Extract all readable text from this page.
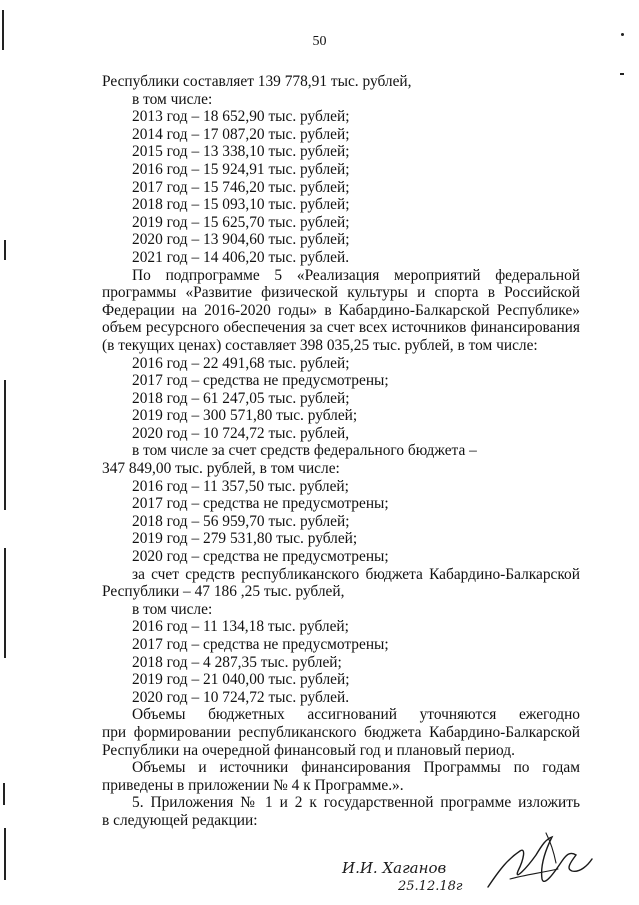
50
Республики составляет 139 778,91 тыс. рублей,
в том числе:
2013 год – 18 652,90 тыс. рублей;
2014 год – 17 087,20 тыс. рублей;
2015 год – 13 338,10 тыс. рублей;
2016 год – 15 924,91 тыс. рублей;
2017 год – 15 746,20 тыс. рублей;
2018 год – 15 093,10 тыс. рублей;
2019 год – 15 625,70 тыс. рублей;
2020 год – 13 904,60 тыс. рублей;
2021 год – 14 406,20 тыс. рублей.
По подпрограмме 5 «Реализация мероприятий федеральной
программы «Развитие физической культуры и спорта в Российской
Федерации на 2016-2020 годы» в Кабардино-Балкарской Республике»
объем ресурсного обеспечения за счет всех источников финансирования
(в текущих ценах) составляет 398 035,25 тыс. рублей, в том числе:
2016 год – 22 491,68 тыс. рублей;
2017 год – средства не предусмотрены;
2018 год – 61 247,05 тыс. рублей;
2019 год – 300 571,80 тыс. рублей;
2020 год – 10 724,72 тыс. рублей,
в том числе за счет средств федерального бюджета –
347 849,00 тыс. рублей, в том числе:
2016 год – 11 357,50 тыс. рублей;
2017 год – средства не предусмотрены;
2018 год – 56 959,70 тыс. рублей;
2019 год – 279 531,80 тыс. рублей;
2020 год – средства не предусмотрены;
за счет средств республиканского бюджета Кабардино-Балкарской
Республики – 47 186 ,25 тыс. рублей,
в том числе:
2016 год – 11 134,18 тыс. рублей;
2017 год – средства не предусмотрены;
2018 год – 4 287,35 тыс. рублей;
2019 год – 21 040,00 тыс. рублей;
2020 год – 10 724,72 тыс. рублей.
Объемы бюджетных ассигнований уточняются ежегодно
при формировании республиканского бюджета Кабардино-Балкарской
Республики на очередной финансовый год и плановый период.
Объемы и источники финансирования Программы по годам
приведены в приложении № 4 к Программе.».
5. Приложения № 1 и 2 к государственной программе изложить
в следующей редакции:
И.И. Хаганов
25.12.18г
